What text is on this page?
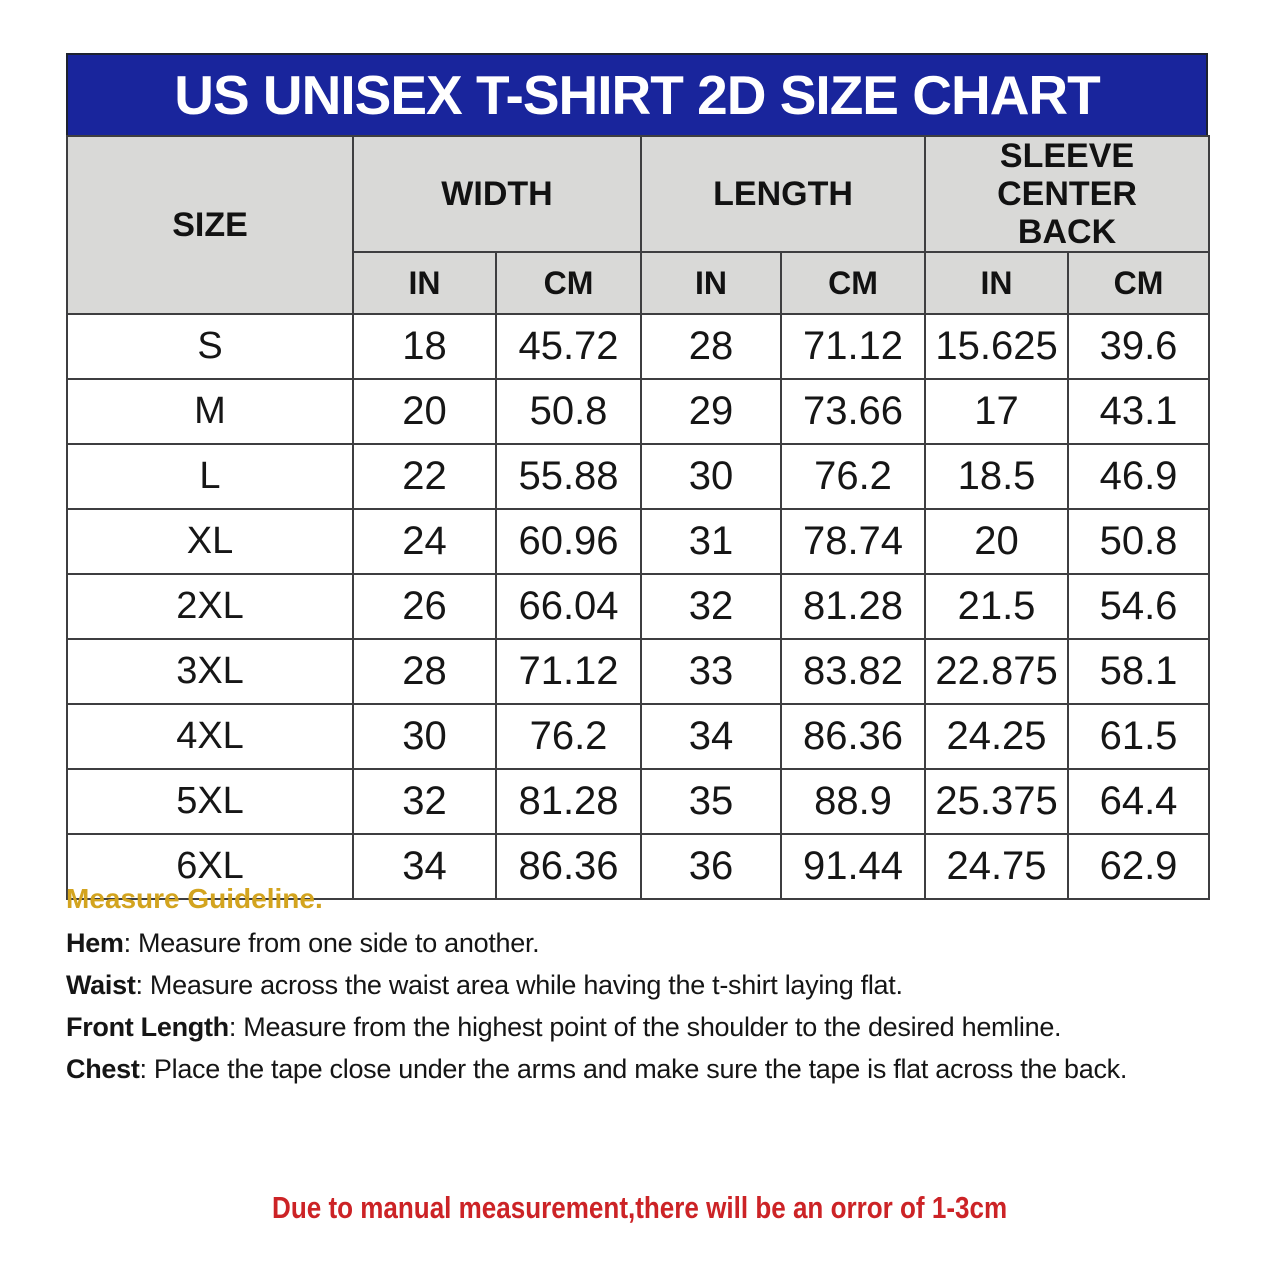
US UNISEX T-SHIRT 2D SIZE CHART
SIZE	WIDTH		LENGTH		SLEEVE CENTER BACK	
	IN	CM	IN	CM	IN	CM
S	18	45.72	28	71.12	15.625	39.6
M	20	50.8	29	73.66	17	43.1
L	22	55.88	30	76.2	18.5	46.9
XL	24	60.96	31	78.74	20	50.8
2XL	26	66.04	32	81.28	21.5	54.6
3XL	28	71.12	33	83.82	22.875	58.1
4XL	30	76.2	34	86.36	24.25	61.5
5XL	32	81.28	35	88.9	25.375	64.4
6XL	34	86.36	36	91.44	24.75	62.9
Measure Guideline.
Hem: Measure from one side to another.
Waist: Measure across the waist area while having the t-shirt laying flat.
Front Length: Measure from the highest point of the shoulder to the desired hemline.
Chest: Place the tape close under the arms and make sure the tape is flat across the back.
Due to manual measurement,there will be an orror of 1-3cm
